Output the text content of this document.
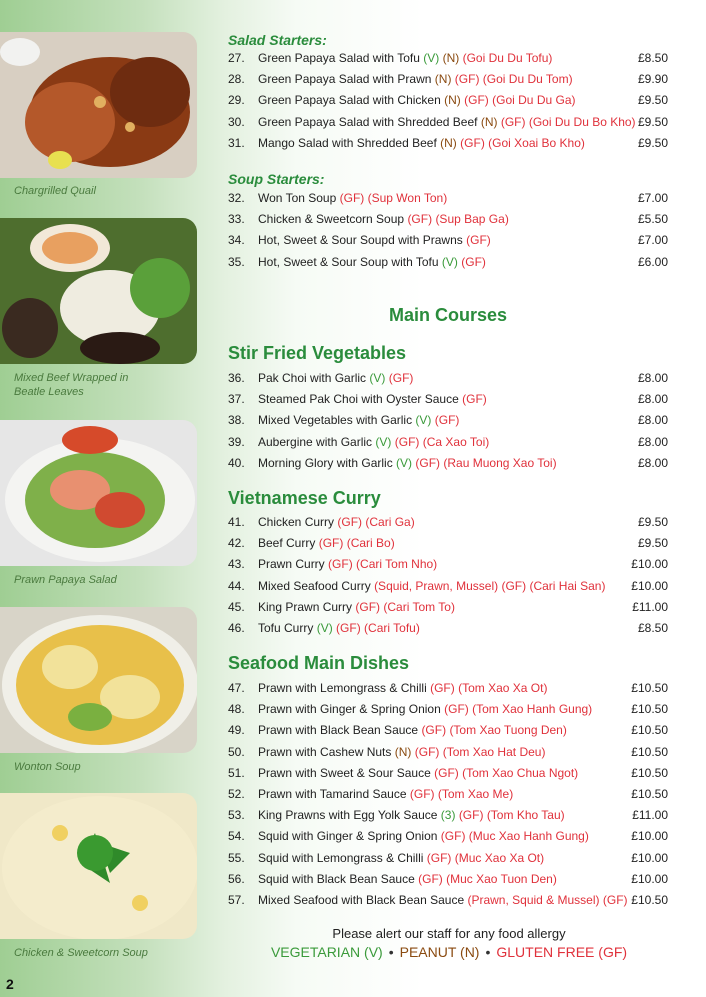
Chargrilled Quail
Mixed Beef Wrapped in Beatle Leaves
Prawn Papaya Salad
Wonton Soup
Chicken & Sweetcorn Soup
2
Salad Starters:
27. Green Papaya Salad with Tofu (V) (N) (Goi Du Du Tofu)	£8.50
28. Green Papaya Salad with Prawn (N) (GF) (Goi Du Du Tom)	£9.90
29. Green Papaya Salad with Chicken (N) (GF) (Goi Du Du Ga)	£9.50
30. Green Papaya Salad with Shredded Beef (N) (GF) (Goi Du Du Bo Kho) £9.50
31. Mango Salad with Shredded Beef (N) (GF) (Goi Xoai Bo Kho)	£9.50
Soup Starters:
32. Won Ton Soup (GF) (Sup Won Ton)	£7.00
33. Chicken & Sweetcorn Soup (GF) (Sup Bap Ga)	£5.50
34. Hot, Sweet & Sour Soupd with Prawns (GF)	£7.00
35. Hot, Sweet & Sour Soup with Tofu (V) (GF)	£6.00
Main Courses
Stir Fried Vegetables
36. Pak Choi with Garlic (V) (GF)	£8.00
37. Steamed Pak Choi with Oyster Sauce (GF)	£8.00
38. Mixed Vegetables with Garlic (V) (GF)	£8.00
39. Aubergine with Garlic (V) (GF) (Ca Xao Toi)	£8.00
40. Morning Glory with Garlic (V) (GF) (Rau Muong Xao Toi)	£8.00
Vietnamese Curry
41. Chicken Curry (GF) (Cari Ga)	£9.50
42. Beef Curry (GF) (Cari Bo)	£9.50
43. Prawn Curry (GF) (Cari Tom Nho)	£10.00
44. Mixed Seafood Curry (Squid, Prawn, Mussel) (GF) (Cari Hai San) £10.00
45. King Prawn Curry (GF) (Cari Tom To)	£11.00
46. Tofu Curry (V) (GF) (Cari Tofu)	£8.50
Seafood Main Dishes
47. Prawn with Lemongrass & Chilli (GF) (Tom Xao Xa Ot)	£10.50
48. Prawn with Ginger & Spring Onion (GF) (Tom Xao Hanh Gung)	£10.50
49. Prawn with Black Bean Sauce (GF) (Tom Xao Tuong Den)	£10.50
50. Prawn with Cashew Nuts (N) (GF) (Tom Xao Hat Deu)	£10.50
51. Prawn with Sweet & Sour Sauce (GF) (Tom Xao Chua Ngot)	£10.50
52. Prawn with Tamarind Sauce (GF) (Tom Xao Me)	£10.50
53. King Prawns with Egg Yolk Sauce (3) (GF) (Tom Kho Tau)	£11.00
54. Squid with Ginger & Spring Onion (GF) (Muc Xao Hanh Gung)	£10.00
55. Squid with Lemongrass & Chilli (GF) (Muc Xao Xa Ot)	£10.00
56. Squid with Black Bean Sauce (GF) (Muc Xao Tuon Den)	£10.00
57. Mixed Seafood with Black Bean Sauce (Prawn, Squid & Mussel) (GF) £10.50
Please alert our staff for any food allergy
VEGETARIAN (V) • PEANUT (N) • GLUTEN FREE (GF)
